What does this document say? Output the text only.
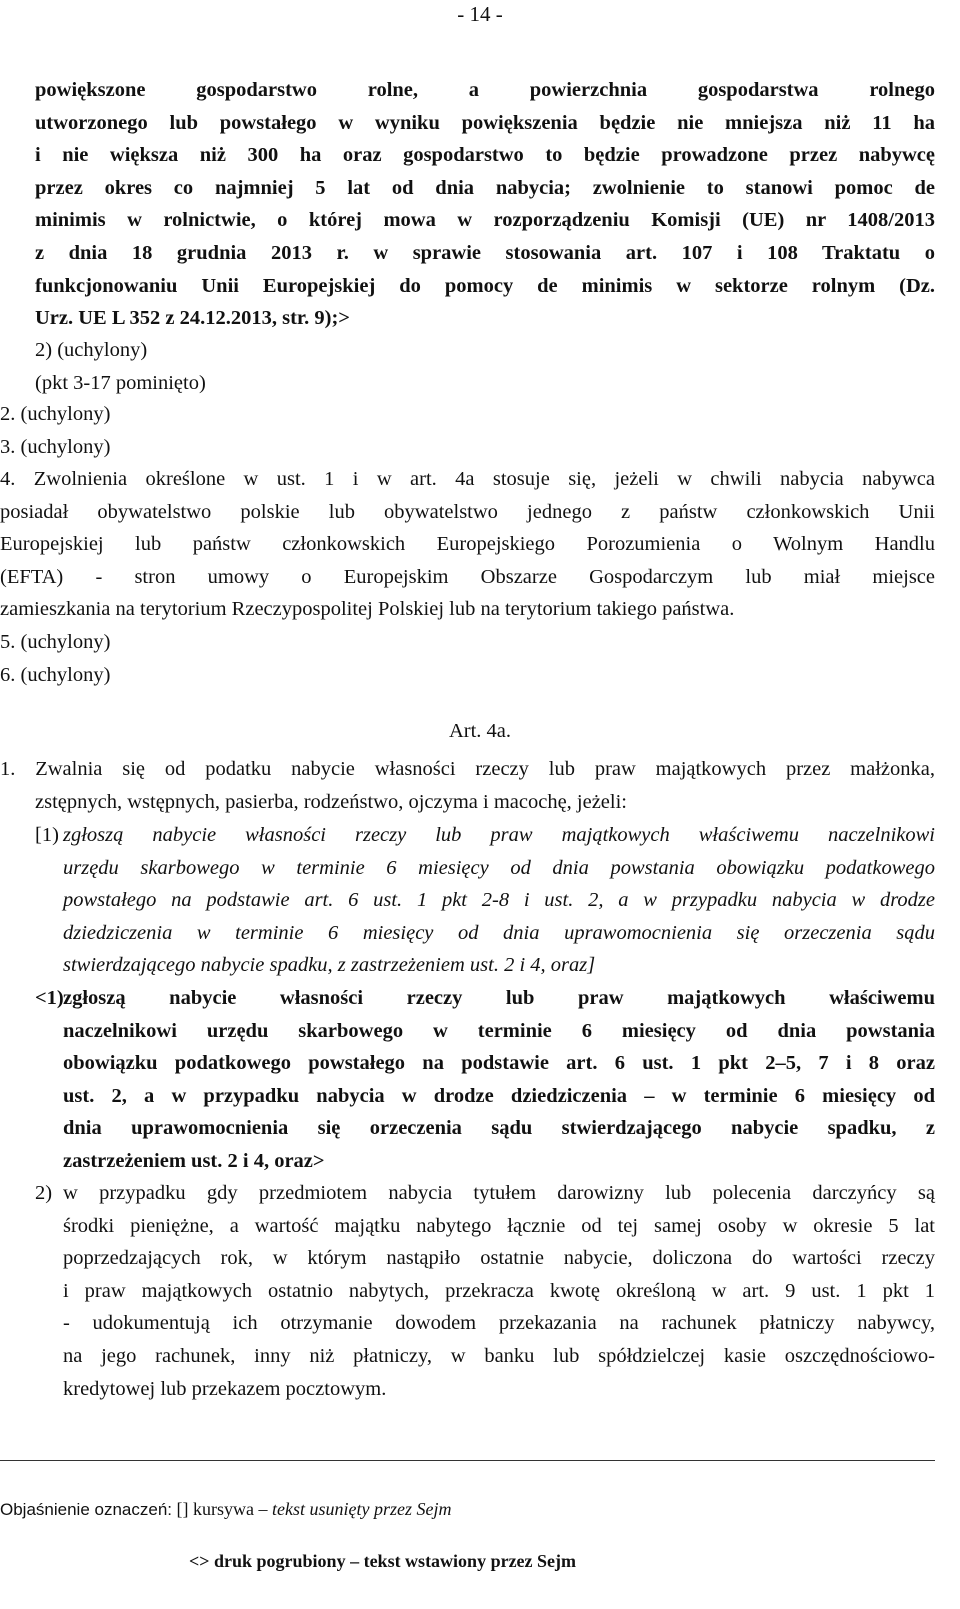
- 14 -
powiększone gospodarstwo rolne, a powierzchnia gospodarstwa rolnego
utworzonego lub powstałego w wyniku powiększenia będzie nie mniejsza niż 11 ha
i nie większa niż 300 ha oraz gospodarstwo to będzie prowadzone przez nabywcę
przez okres co najmniej 5 lat od dnia nabycia; zwolnienie to stanowi pomoc de
minimis w rolnictwie, o której mowa w rozporządzeniu Komisji (UE) nr 1408/2013
z dnia 18 grudnia 2013 r. w sprawie stosowania art. 107 i 108 Traktatu o
funkcjonowaniu Unii Europejskiej do pomocy de minimis w sektorze rolnym (Dz.
Urz. UE L 352 z 24.12.2013, str. 9);>
2) (uchylony)
(pkt 3-17 pominięto)
2. (uchylony)
3. (uchylony)
4. Zwolnienia określone w ust. 1 i w art. 4a stosuje się, jeżeli w chwili nabycia nabywca
posiadał obywatelstwo polskie lub obywatelstwo jednego z państw członkowskich Unii
Europejskiej lub państw członkowskich Europejskiego Porozumienia o Wolnym Handlu
(EFTA) - stron umowy o Europejskim Obszarze Gospodarczym lub miał miejsce
zamieszkania na terytorium Rzeczypospolitej Polskiej lub na terytorium takiego państwa.
5. (uchylony)
6. (uchylony)
Art. 4a.
1. Zwalnia się od podatku nabycie własności rzeczy lub praw majątkowych przez małżonka,
zstępnych, wstępnych, pasierba, rodzeństwo, ojczyma i macochę, jeżeli:
[1) zgłoszą nabycie własności rzeczy lub praw majątkowych właściwemu naczelnikowi
urzędu skarbowego w terminie 6 miesięcy od dnia powstania obowiązku podatkowego
powstałego na podstawie art. 6 ust. 1 pkt 2-8 i ust. 2, a w przypadku nabycia w drodze
dziedziczenia w terminie 6 miesięcy od dnia uprawomocnienia się orzeczenia sądu
stwierdzającego nabycie spadku, z zastrzeżeniem ust. 2 i 4, oraz]
<1) zgłoszą nabycie własności rzeczy lub praw majątkowych właściwemu
naczelnikowi urzędu skarbowego w terminie 6 miesięcy od dnia powstania
obowiązku podatkowego powstałego na podstawie art. 6 ust. 1 pkt 2–5, 7 i 8 oraz
ust. 2, a w przypadku nabycia w drodze dziedziczenia – w terminie 6 miesięcy od
dnia uprawomocnienia się orzeczenia sądu stwierdzającego nabycie spadku, z
zastrzeżeniem ust. 2 i 4, oraz>
2) w przypadku gdy przedmiotem nabycia tytułem darowizny lub polecenia darczyńcy są
środki pieniężne, a wartość majątku nabytego łącznie od tej samej osoby w okresie 5 lat
poprzedzających rok, w którym nastąpiło ostatnie nabycie, doliczona do wartości rzeczy
i praw majątkowych ostatnio nabytych, przekracza kwotę określoną w art. 9 ust. 1 pkt 1
- udokumentują ich otrzymanie dowodem przekazania na rachunek płatniczy nabywcy,
na jego rachunek, inny niż płatniczy, w banku lub spółdzielczej kasie oszczędnościowo-
kredytowej lub przekazem pocztowym.
Objaśnienie oznaczeń: [] kursywa – tekst usunięty przez Sejm
<> druk pogrubiony – tekst wstawiony przez Sejm
